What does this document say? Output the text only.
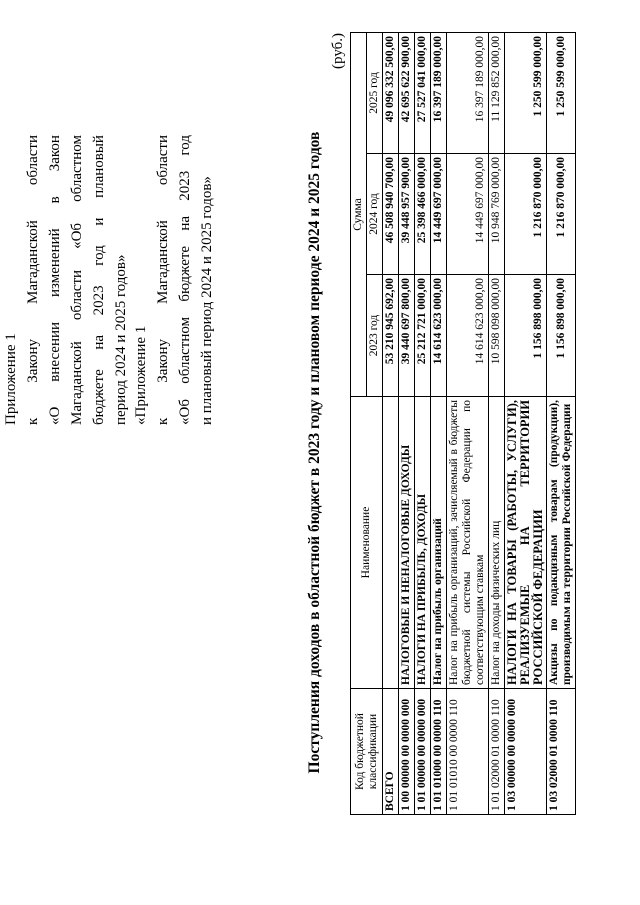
Приложение 1 к
Закону
Магаданской
области
«О
внесении
изменений
в
Закон
Магаданской
области
«Об
областном
бюджете
на
2023
год
и
плановый
период 2024 и 2025 годов» «Приложение 1 к
Закону
Магаданской
области
«Об
областном
бюджете
на
2023
год
и плановый период 2024 и 2025 годов»	Поступления доходов в областной бюджет в 2023 году и плановом периоде 2024 и 2025 годов
(руб.)
Код бюджетной классификации	Наименование	Сумма		
		2023 год	2024 год	2025 год
ВСЕГО		53 210 945 692,00	46 508 940 700,00	49 096 332 500,00
1 00 00000 00 0000 000	НАЛОГОВЫЕ И НЕНАЛОГОВЫЕ ДОХОДЫ	39 440 697 800,00	39 448 957 900,00	42 695 622 900,00
1 01 00000 00 0000 000	НАЛОГИ НА ПРИБЫЛЬ, ДОХОДЫ	25 212 721 000,00	25 398 466 000,00	27 527 041 000,00
1 01 01000 00 0000 110	Налог на прибыль организаций	14 614 623 000,00	14 449 697 000,00	16 397 189 000,00
1 01 01010 00 0000 110	Налог на прибыль организаций, зачисляемый в бюджеты бюджетной системы Российской Федерации по соответствующим ставкам	14 614 623 000,00	14 449 697 000,00	16 397 189 000,00
1 01 02000 01 0000 110	Налог на доходы физических лиц	10 598 098 000,00	10 948 769 000,00	11 129 852 000,00
1 03 00000 00 0000 000	НАЛОГИ НА ТОВАРЫ (РАБОТЫ, УСЛУГИ), РЕАЛИЗУЕМЫЕ НА ТЕРРИТОРИИ РОССИЙСКОЙ ФЕДЕРАЦИИ	1 156 898 000,00	1 216 870 000,00	1 250 599 000,00
1 03 02000 01 0000 110	Акцизы по подакцизным товарам (продукции), производимым на территории Российской Федерации	1 156 898 000,00	1 216 870 000,00	1 250 599 000,00
